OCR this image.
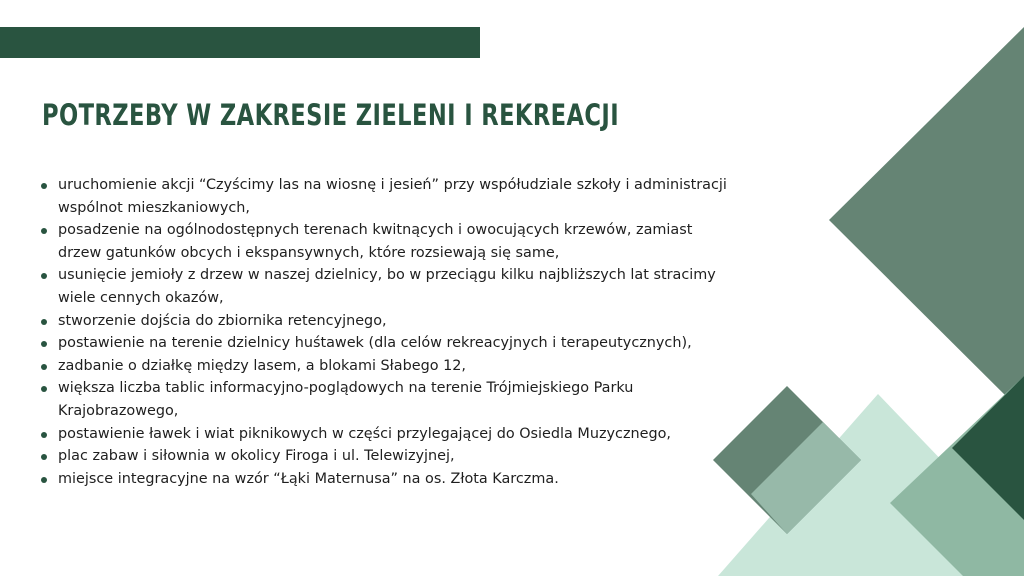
POTRZEBY W ZAKRESIE ZIELENI I REKREACJI
uruchomienie akcji “Czyścimy las na wiosnę i jesień” przy współudziale szkoły i administracji wspólnot mieszkaniowych,
posadzenie na ogólnodostępnych terenach kwitnących i owocujących krzewów, zamiast drzew gatunków obcych i ekspansywnych, które rozsiewają się same,
usunięcie jemioły z drzew w naszej dzielnicy, bo w przeciągu kilku najbliższych lat stracimy wiele cennych okazów,
stworzenie dojścia do zbiornika retencyjnego,
postawienie na terenie dzielnicy huśtawek (dla celów rekreacyjnych i terapeutycznych),
zadbanie o działkę między lasem, a blokami Słabego 12,
większa liczba tablic informacyjno-poglądowych na terenie Trójmiejskiego Parku Krajobrazowego,
postawienie ławek i wiat piknikowych w części przylegającej do Osiedla Muzycznego,
plac zabaw i siłownia w okolicy Firoga i ul. Telewizyjnej,
miejsce integracyjne na wzór “Łąki Maternusa” na os. Złota Karczma.
